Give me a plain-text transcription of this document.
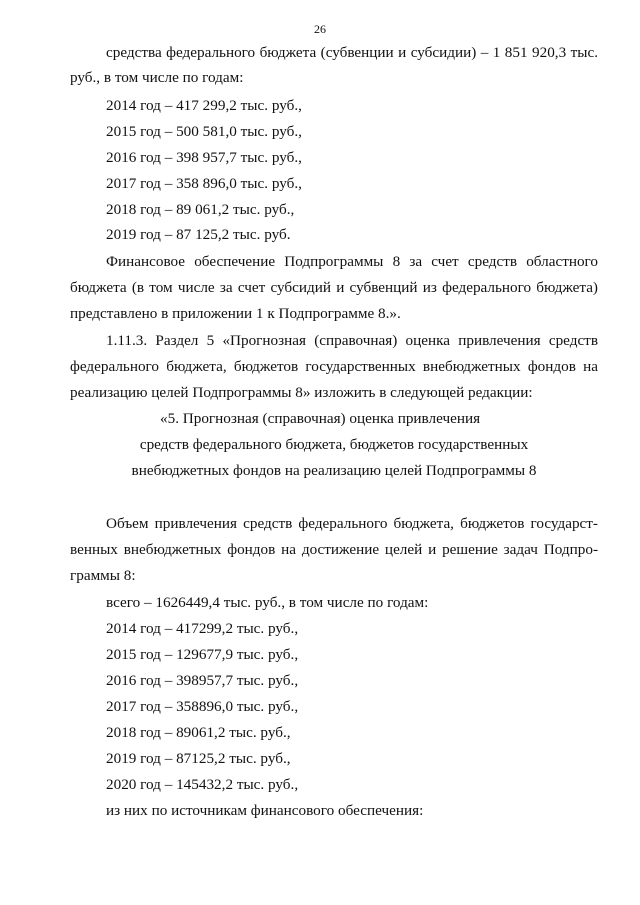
26
средства федерального бюджета (субвенции и субсидии) – 1 851 920,3 тыс.
руб., в том числе по годам:
2014 год – 417 299,2 тыс. руб.,
2015 год – 500 581,0 тыс. руб.,
2016 год – 398 957,7 тыс. руб.,
2017 год – 358 896,0 тыс. руб.,
2018 год – 89 061,2 тыс. руб.,
2019 год – 87 125,2 тыс. руб.
Финансовое обеспечение Подпрограммы 8 за счет средств областного
бюджета (в том числе за счет субсидий и субвенций из федерального бюджета)
представлено в приложении 1 к Подпрограмме 8.».
1.11.3. Раздел 5 «Прогнозная (справочная) оценка привлечения средств
федерального бюджета, бюджетов государственных внебюджетных фондов на
реализацию целей Подпрограммы 8» изложить в следующей редакции:
«5. Прогнозная (справочная) оценка привлечения
средств федерального бюджета, бюджетов государственных
внебюджетных фондов на реализацию целей Подпрограммы 8
Объем привлечения средств федерального бюджета, бюджетов государст-
венных внебюджетных фондов на достижение целей и решение задач Подпро-
граммы 8:
всего – 1626449,4 тыс. руб., в том числе по годам:
2014 год – 417299,2 тыс. руб.,
2015 год – 129677,9 тыс. руб.,
2016 год – 398957,7 тыс. руб.,
2017 год – 358896,0 тыс. руб.,
2018 год – 89061,2 тыс. руб.,
2019 год – 87125,2 тыс. руб.,
2020 год – 145432,2 тыс. руб.,
из них по источникам финансового обеспечения:
